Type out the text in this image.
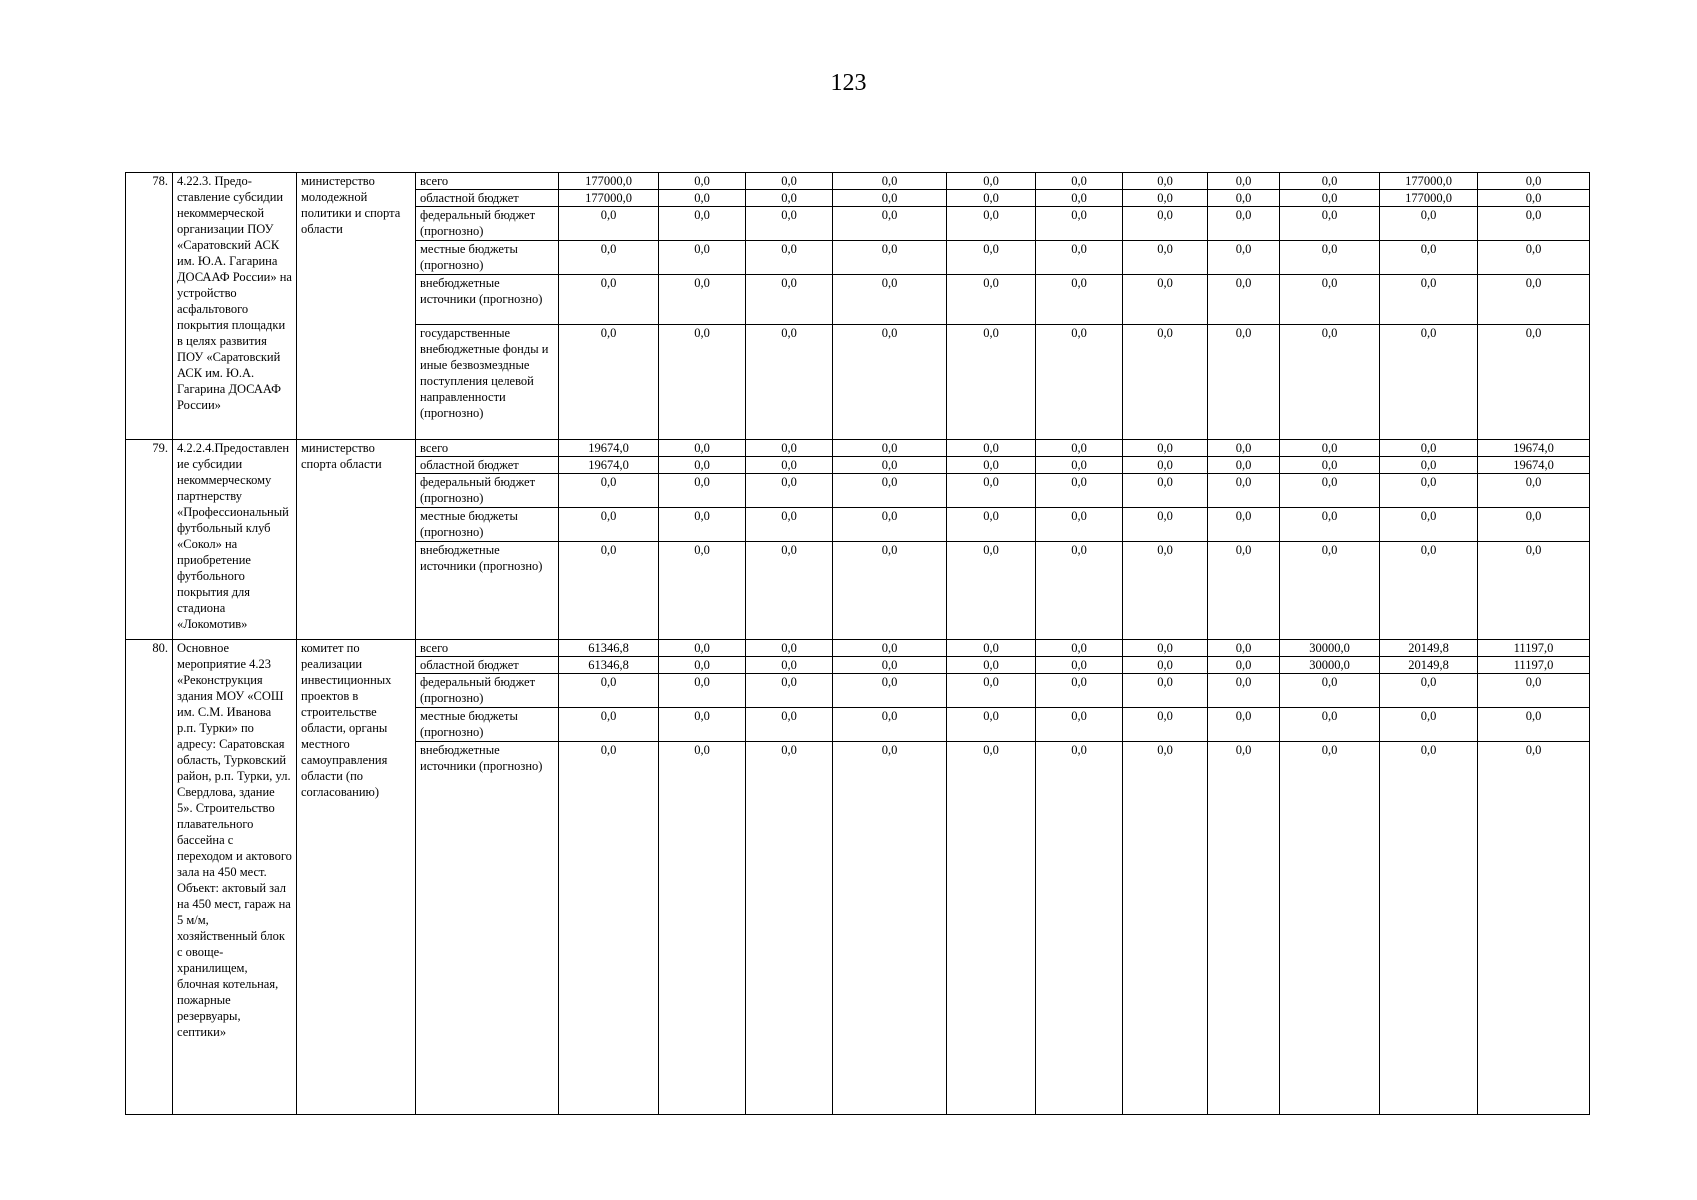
123
78.	4.22.3. Предо-ставление субсидии некоммерческой организации ПОУ «Саратовский АСК им. Ю.А. Гагарина ДОСААФ России» на устройство асфальтового покрытия площадки в целях развития ПОУ «Саратовский АСК им. Ю.А. Гагарина ДОСААФ России»	министерство молодежной политики и спорта области	всего	177000,0	0,0	0,0	0,0	0,0	0,0	0,0	0,0	0,0	177000,0	0,0
			областной бюджет	177000,0	0,0	0,0	0,0	0,0	0,0	0,0	0,0	0,0	177000,0	0,0
			федеральный бюджет (прогнозно)	0,0	0,0	0,0	0,0	0,0	0,0	0,0	0,0	0,0	0,0	0,0
			местные бюджеты (прогнозно)	0,0	0,0	0,0	0,0	0,0	0,0	0,0	0,0	0,0	0,0	0,0
			внебюджетные источники (прогнозно)	0,0	0,0	0,0	0,0	0,0	0,0	0,0	0,0	0,0	0,0	0,0
			государственные внебюджетные фонды и иные безвозмездные поступления целевой направленности (прогнозно)	0,0	0,0	0,0	0,0	0,0	0,0	0,0	0,0	0,0	0,0	0,0
79.	4.2.2.4.Предоставление субсидии некоммерческому партнерству «Профессиональный футбольный клуб «Сокол» на приобретение футбольного покрытия для стадиона «Локомотив»	министерство спорта области	всего	19674,0	0,0	0,0	0,0	0,0	0,0	0,0	0,0	0,0	0,0	19674,0
			областной бюджет	19674,0	0,0	0,0	0,0	0,0	0,0	0,0	0,0	0,0	0,0	19674,0
			федеральный бюджет (прогнозно)	0,0	0,0	0,0	0,0	0,0	0,0	0,0	0,0	0,0	0,0	0,0
			местные бюджеты (прогнозно)	0,0	0,0	0,0	0,0	0,0	0,0	0,0	0,0	0,0	0,0	0,0
			внебюджетные источники (прогнозно)	0,0	0,0	0,0	0,0	0,0	0,0	0,0	0,0	0,0	0,0	0,0
80.	Основное мероприятие 4.23 «Реконструкция здания МОУ «СОШ им. С.М. Иванова р.п. Турки» по адресу: Саратовская область, Турковский район, р.п. Турки, ул. Свердлова, здание 5». Строительство плавательного бассейна с переходом и актового зала на 450 мест. Объект: актовый зал на 450 мест, гараж на 5 м/м, хозяйственный блок с овоще-хранилищем, блочная котельная, пожарные резервуары, септики»	комитет по реализации инвестиционных проектов в строительстве области, органы местного самоуправления области (по согласованию)	всего	61346,8	0,0	0,0	0,0	0,0	0,0	0,0	0,0	30000,0	20149,8	11197,0
			областной бюджет	61346,8	0,0	0,0	0,0	0,0	0,0	0,0	0,0	30000,0	20149,8	11197,0
			федеральный бюджет (прогнозно)	0,0	0,0	0,0	0,0	0,0	0,0	0,0	0,0	0,0	0,0	0,0
			местные бюджеты (прогнозно)	0,0	0,0	0,0	0,0	0,0	0,0	0,0	0,0	0,0	0,0	0,0
			внебюджетные источники (прогнозно)	0,0	0,0	0,0	0,0	0,0	0,0	0,0	0,0	0,0	0,0	0,0
